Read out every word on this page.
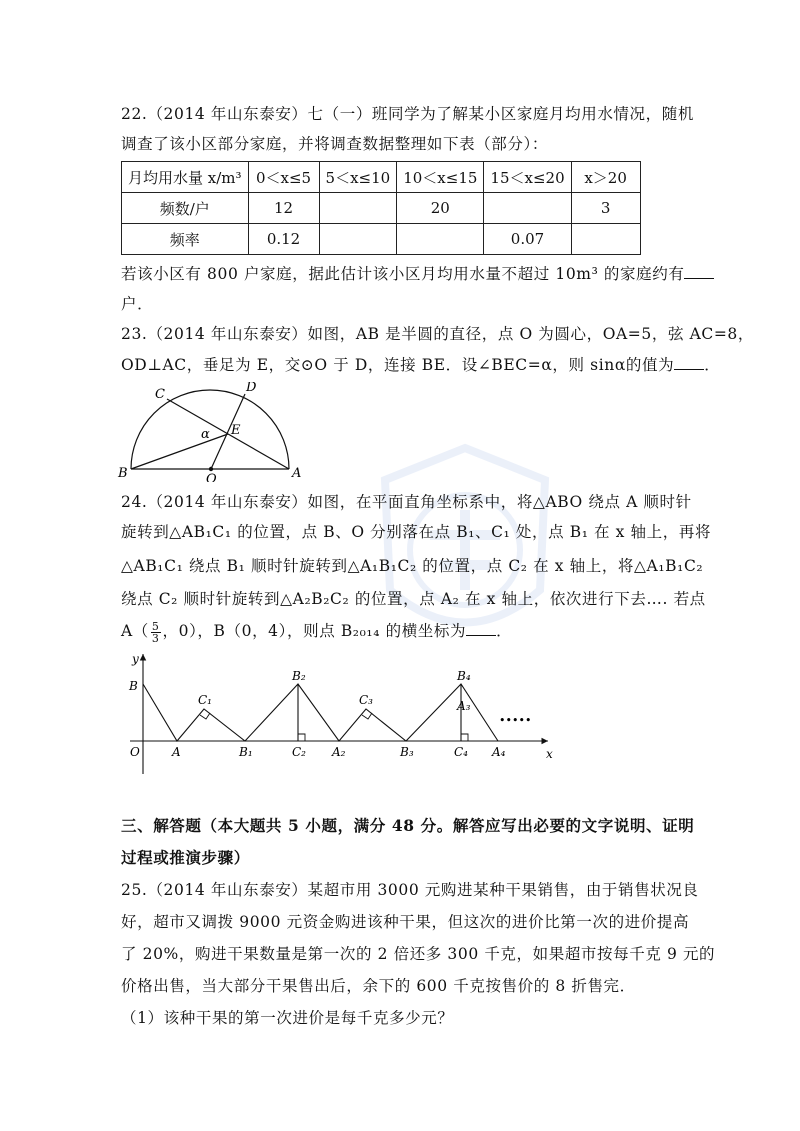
22.（2014 年山东泰安）七（一）班同学为了解某小区家庭月均用水情况，随机
调查了该小区部分家庭，并将调查数据整理如下表（部分）：
月均用水量 x/m³	0＜x≤5	5＜x≤10	10＜x≤15	15＜x≤20	x＞20
频数/户	12		20		3
频率	0.12			0.07	
若该小区有 800 户家庭，据此估计该小区月均用水量不超过 10m³ 的家庭约有
户．
23.（2014 年山东泰安）如图，AB 是半圆的直径，点 O 为圆心，OA=5，弦 AC=8，
OD⊥AC，垂足为 E，交⊙O 于 D，连接 BE．设∠BEC=α，则 sinα的值为 ．
C	D
E
α
B	O	A
24.（2014 年山东泰安）如图，在平面直角坐标系中，将△ABO 绕点 A 顺时针
旋转到△AB₁C₁ 的位置，点 B、O 分别落在点 B₁、C₁ 处，点 B₁ 在 x 轴上，再将
△AB₁C₁ 绕点 B₁ 顺时针旋转到△A₁B₁C₂ 的位置，点 C₂ 在 x 轴上，将△A₁B₁C₂
绕点 C₂ 顺时针旋转到△A₂B₂C₂ 的位置，点 A₂ 在 x 轴上，依次进行下去…. 若点
$A( \frac{5}{3}$ ，0），B（0，4），则点 B₂₀₁₄ 的横坐标为 ．
y
x
O
B
A
C₁
B₁
B₂
C₂ A₂
C₃
B₃
B₄
A₃
C₄ A₄
•••••
三、解答题（本大题共 5 小题，满分 48 分。解答应写出必要的文字说明、证明
过程或推演步骤）
25.（2014 年山东泰安）某超市用 3000 元购进某种干果销售，由于销售状况良
好，超市又调拨 9000 元资金购进该种干果，但这次的进价比第一次的进价提高
了 20%，购进干果数量是第一次的 2 倍还多 300 千克，如果超市按每千克 9 元的
价格出售，当大部分干果售出后，余下的 600 千克按售价的 8 折售完．
（1）该种干果的第一次进价是每千克多少元？
